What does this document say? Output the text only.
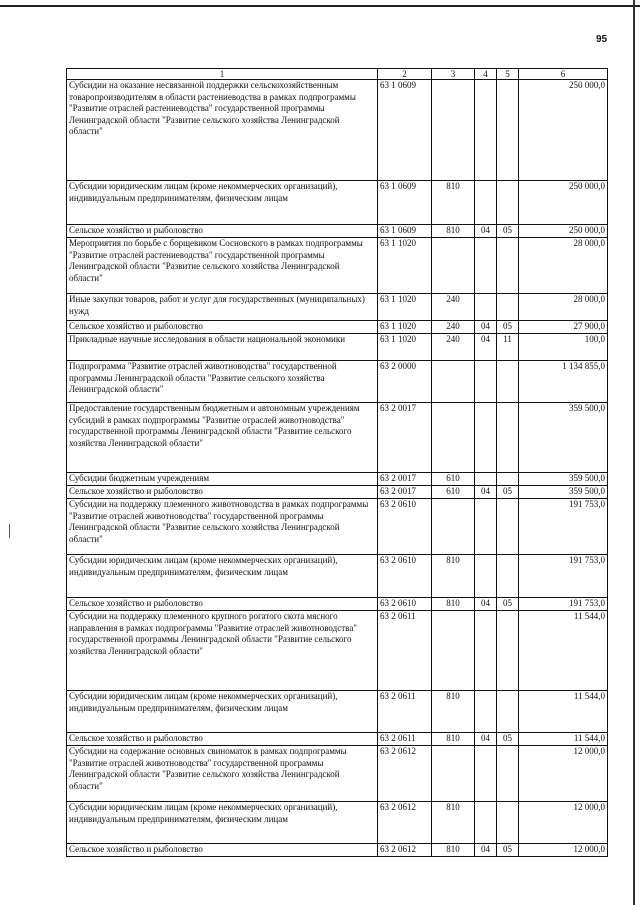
95
1	2	3	4	5	6
Субсидии на оказание несвязанной поддержки сельскохозяйственным товаропроизводителям в области растениеводства в рамках подпрограммы "Развитие отраслей растениеводства" государственной программы Ленинградской области "Развитие сельского хозяйства Ленинградской области"	63 1 0609				250 000,0
Субсидии юридическим лицам (кроме некоммерческих организаций), индивидуальным предпринимателям, физическим лицам	63 1 0609	810			250 000,0
Сельское хозяйство и рыболовство	63 1 0609	810	04	05	250 000,0
Мероприятия по борьбе с борщевиком Сосновского в рамках подпрограммы "Развитие отраслей растениеводства" государственной программы Ленинградской области "Развитие сельского хозяйства Ленинградской области"	63 1 1020				28 000,0
Иные закупки товаров, работ и услуг для государственных (муниципальных) нужд	63 1 1020	240			28 000,0
Сельское хозяйство и рыболовство	63 1 1020	240	04	05	27 900,0
Прикладные научные исследования в области национальной экономики	63 1 1020	240	04	11	100,0
Подпрограмма "Развитие отраслей животноводства" государственной программы Ленинградской области "Развитие сельского хозяйства Ленинградской области"	63 2 0000				1 134 855,0
Предоставление государственным бюджетным и автономным учреждениям субсидий в рамках подпрограммы "Развитие отраслей животноводства" государственной программы Ленинградской области "Развитие сельского хозяйства Ленинградской области"	63 2 0017				359 500,0
Субсидии бюджетным учреждениям	63 2 0017	610			359 500,0
Сельское хозяйство и рыболовство	63 2 0017	610	04	05	359 500,0
Субсидии на поддержку племенного животноводства в рамках подпрограммы "Развитие отраслей животноводства" государственной программы Ленинградской области "Развитие сельского хозяйства Ленинградской области"	63 2 0610				191 753,0
Субсидии юридическим лицам (кроме некоммерческих организаций), индивидуальным предпринимателям, физическим лицам	63 2 0610	810			191 753,0
Сельское хозяйство и рыболовство	63 2 0610	810	04	05	191 753,0
Субсидии на поддержку племенного крупного рогатого скота мясного направления в рамках подпрограммы "Развитие отраслей животноводства" государственной программы Ленинградской области "Развитие сельского хозяйства Ленинградской области"	63 2 0611				11 544,0
Субсидии юридическим лицам (кроме некоммерческих организаций), индивидуальным предпринимателям, физическим лицам	63 2 0611	810			11 544,0
Сельское хозяйство и рыболовство	63 2 0611	810	04	05	11 544,0
Субсидии на содержание основных свиноматок в рамках подпрограммы "Развитие отраслей животноводства" государственной программы Ленинградской области "Развитие сельского хозяйства Ленинградской области"	63 2 0612				12 000,0
Субсидии юридическим лицам (кроме некоммерческих организаций), индивидуальным предпринимателям, физическим лицам	63 2 0612	810			12 000,0
Сельское хозяйство и рыболовство	63 2 0612	810	04	05	12 000,0
